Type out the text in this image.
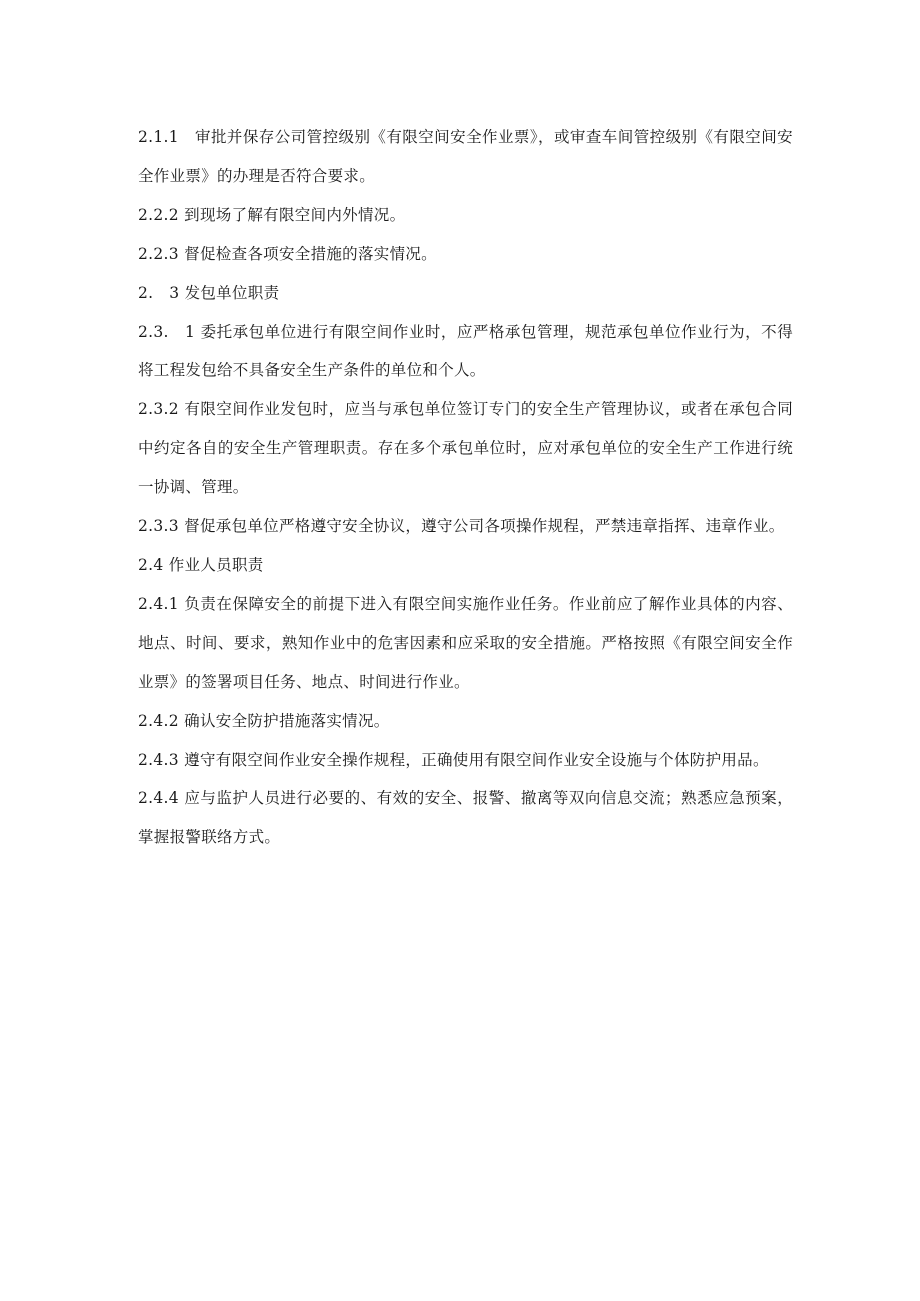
2.1.1　审批并保存公司管控级别《有限空间安全作业票》，或审查车间管控级别《有限空间安全作业票》的办理是否符合要求。

2.2.2 到现场了解有限空间内外情况。

2.2.3 督促检查各项安全措施的落实情况。

2.　3 发包单位职责

2.3.　1 委托承包单位进行有限空间作业时，应严格承包管理，规范承包单位作业行为，不得将工程发包给不具备安全生产条件的单位和个人。

2.3.2 有限空间作业发包时，应当与承包单位签订专门的安全生产管理协议，或者在承包合同中约定各自的安全生产管理职责。存在多个承包单位时，应对承包单位的安全生产工作进行统一协调、管理。

2.3.3 督促承包单位严格遵守安全协议，遵守公司各项操作规程，严禁违章指挥、违章作业。

2.4 作业人员职责

2.4.1 负责在保障安全的前提下进入有限空间实施作业任务。作业前应了解作业具体的内容、地点、时间、要求，熟知作业中的危害因素和应采取的安全措施。严格按照《有限空间安全作业票》的签署项目任务、地点、时间进行作业。

2.4.2 确认安全防护措施落实情况。

2.4.3 遵守有限空间作业安全操作规程，正确使用有限空间作业安全设施与个体防护用品。

2.4.4 应与监护人员进行必要的、有效的安全、报警、撤离等双向信息交流；熟悉应急预案，掌握报警联络方式。
